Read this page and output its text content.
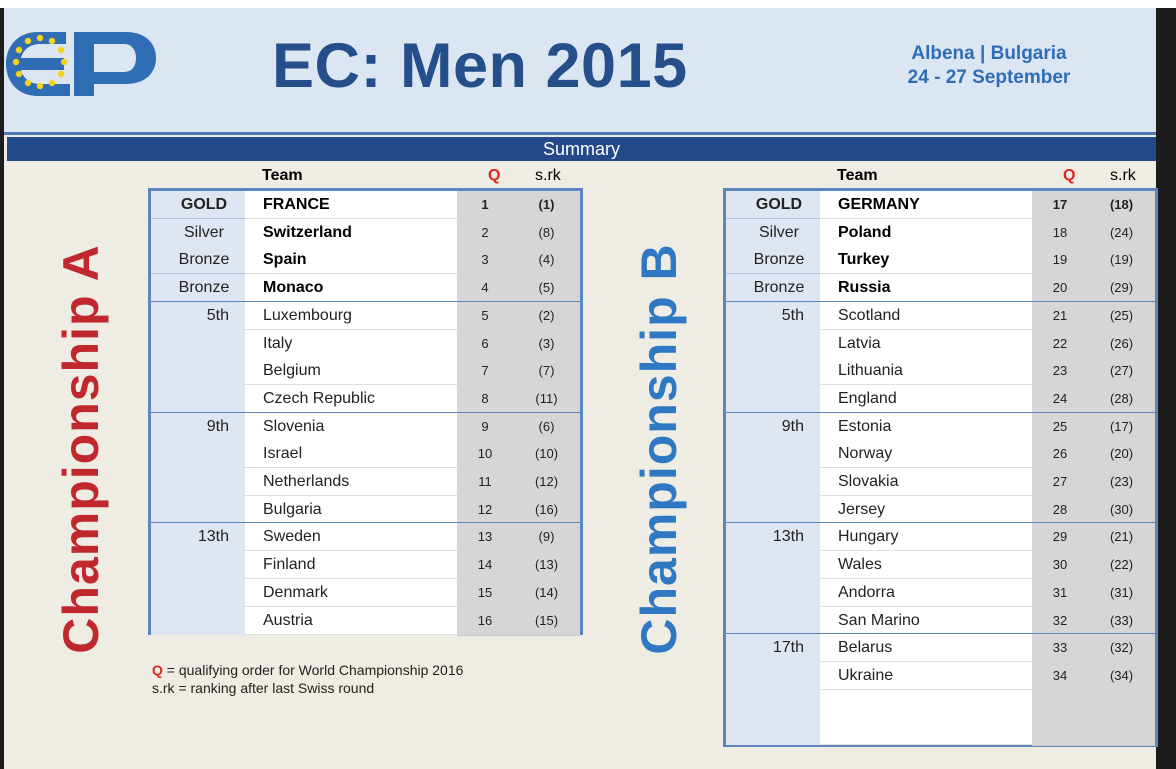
EC: Men 2015	Albena | Bulgaria
24 - 27 September
Summary
Team	Q s.rk	Team	Q s.rk
Championship A	Championship B
GOLD	FRANCE	1	(1)
Silver	Switzerland	2	(8)
Bronze	Spain	3	(4)
Bronze	Monaco	4	(5)
5th	Luxembourg	5	(2)
Italy	6	(3)
Belgium	7	(7)
Czech Republic	8	(11)
9th	Slovenia	9	(6)
Israel	10	(10)
Netherlands	11	(12)
Bulgaria	12	(16)
13th	Sweden	13	(9)
Finland	14	(13)
Denmark	15	(14)
Austria	16	(15)
GOLD	GERMANY	17	(18)
Silver	Poland	18	(24)
Bronze	Turkey	19	(19)
Bronze	Russia	20	(29)
5th	Scotland	21	(25)
Latvia	22	(26)
Lithuania	23	(27)
England	24	(28)
9th	Estonia	25	(17)
Norway	26	(20)
Slovakia	27	(23)
Jersey	28	(30)
13th	Hungary	29	(21)
Wales	30	(22)
Andorra	31	(31)
San Marino	32	(33)
17th	Belarus	33	(32)
Ukraine	34	(34)
Q = qualifying order for World Championship 2016
s.rk = ranking after last Swiss round
